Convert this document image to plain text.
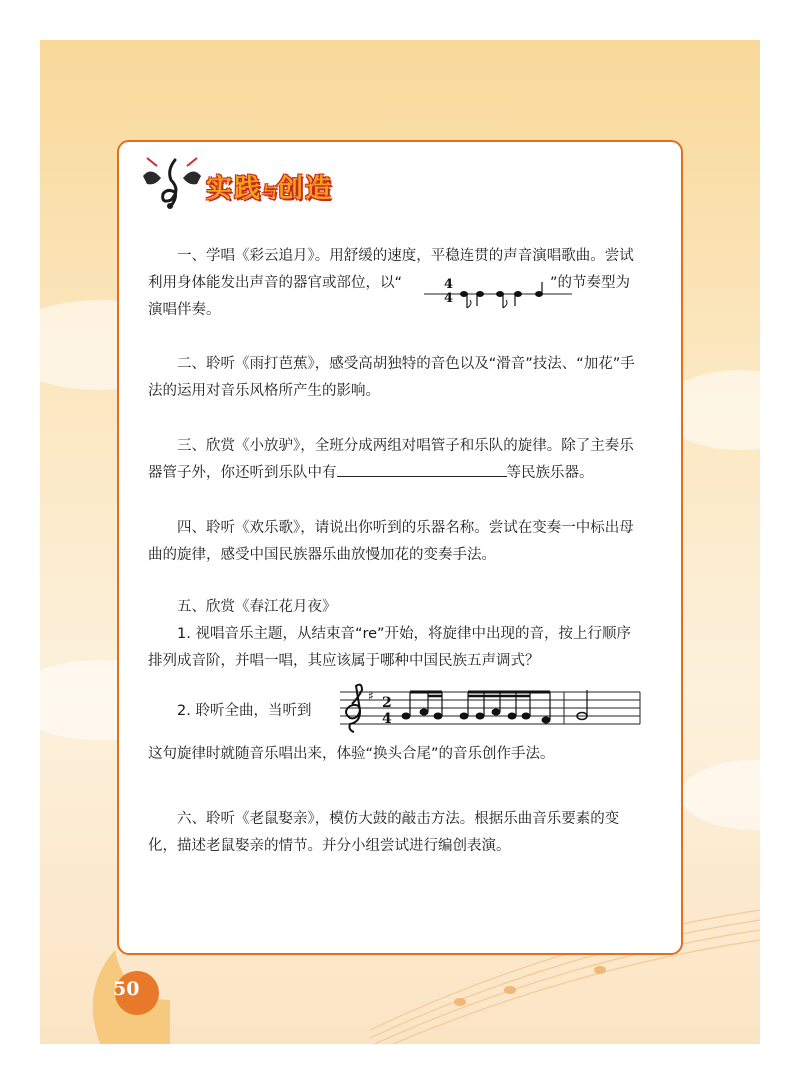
实践与创造

一、学唱《彩云追月》。用舒缓的速度，平稳连贯的声音演唱歌曲。尝试利用身体能发出声音的器官或部位，以“	”的节奏型为演唱伴奏。

4
4

二、聆听《雨打芭蕉》，感受高胡独特的音色以及“滑音”技法、“加花”手法的运用对音乐风格所产生的影响。

三、欣赏《小放驴》，全班分成两组对唱管子和乐队的旋律。除了主奏乐器管子外，你还听到乐队中有	等民族乐器。

四、聆听《欢乐歌》，请说出你听到的乐器名称。尝试在变奏一中标出母曲的旋律，感受中国民族器乐曲放慢加花的变奏手法。

五、欣赏《春江花月夜》

1. 视唱音乐主题，从结束音“re”开始，将旋律中出现的音，按上行顺序排列成音阶，并唱一唱，其应该属于哪种中国民族五声调式？

2. 聆听全曲，当听到

♯ 2
4

这句旋律时就随音乐唱出来，体验“换头合尾”的音乐创作手法。

六、聆听《老鼠娶亲》，模仿大鼓的敲击方法。根据乐曲音乐要素的变化，描述老鼠娶亲的情节。并分小组尝试进行编创表演。

50
